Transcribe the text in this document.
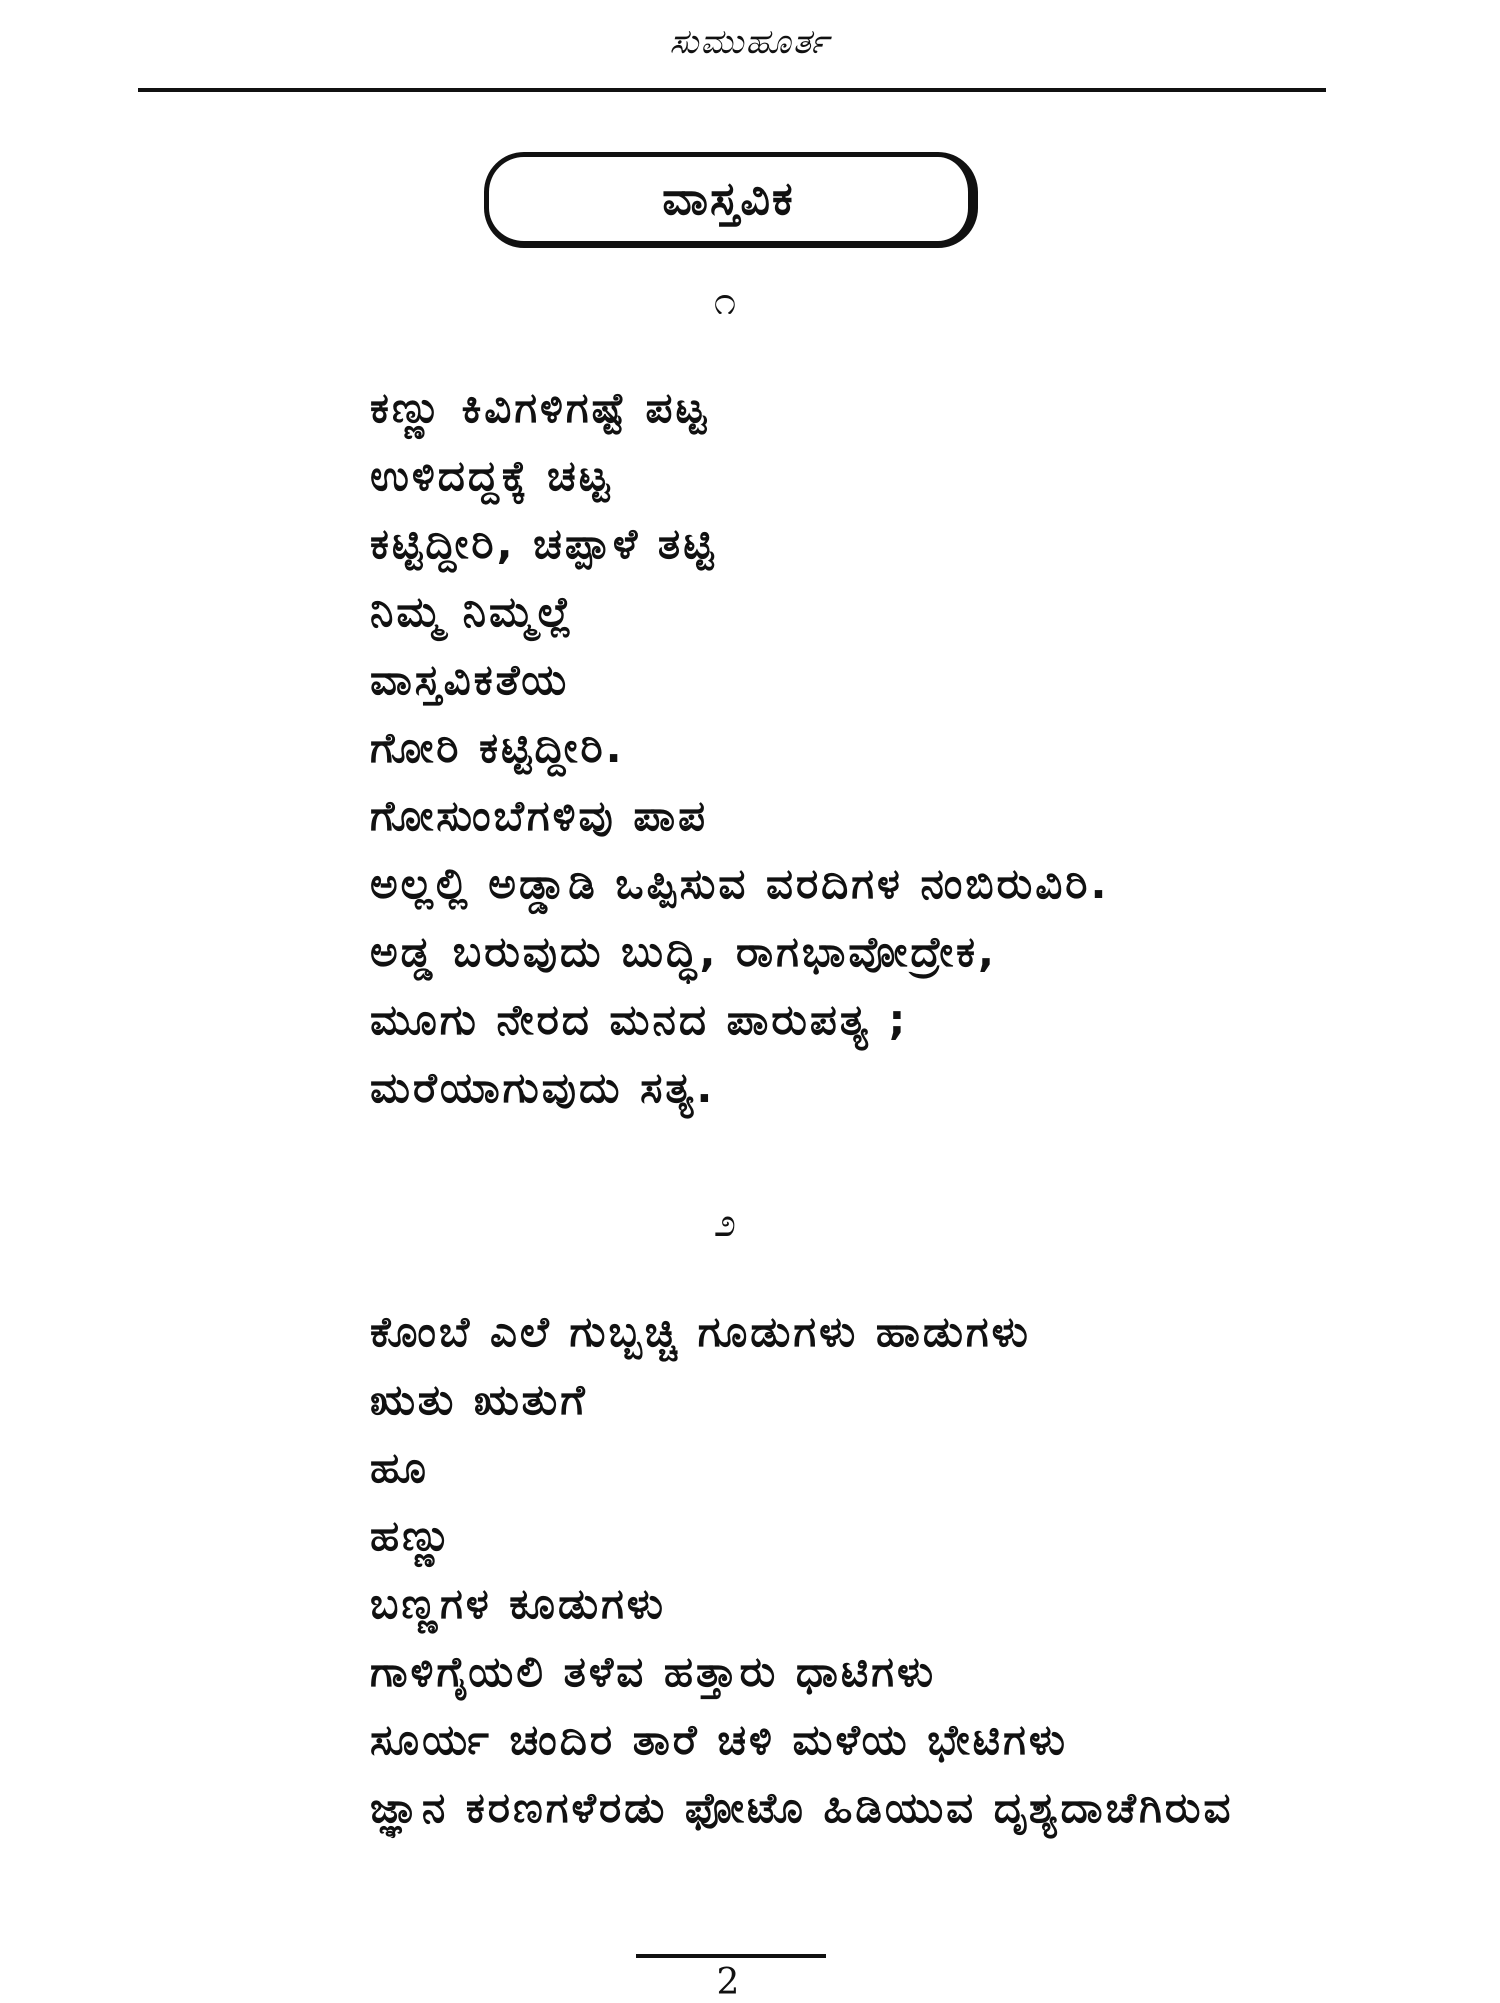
ಸುಮುಹೂರ್ತ
ವಾಸ್ತವಿಕ
೧
ಕಣ್ಣು ಕಿವಿಗಳಿಗಷ್ಟೆ ಪಟ್ಟ
ಉಳಿದದ್ದಕ್ಕೆ ಚಟ್ಟ
ಕಟ್ಟಿದ್ದೀರಿ, ಚಪ್ಪಾಳೆ ತಟ್ಟಿ
ನಿಮ್ಮ ನಿಮ್ಮಲ್ಲೆ
ವಾಸ್ತವಿಕತೆಯ
ಗೋರಿ ಕಟ್ಟಿದ್ದೀರಿ.
ಗೋಸುಂಬೆಗಳಿವು ಪಾಪ
ಅಲ್ಲಲ್ಲಿ ಅಡ್ಡಾಡಿ ಒಪ್ಪಿಸುವ ವರದಿಗಳ ನಂಬಿರುವಿರಿ.
ಅಡ್ಡ ಬರುವುದು ಬುದ್ಧಿ, ರಾಗಭಾವೋದ್ರೇಕ,
ಮೂಗು ನೇರದ ಮನದ ಪಾರುಪತ್ಯ ;
ಮರೆಯಾಗುವುದು ಸತ್ಯ.
೨
ಕೊಂಬೆ ಎಲೆ ಗುಬ್ಬಚ್ಚಿ ಗೂಡುಗಳು ಹಾಡುಗಳು
ಋತು ಋತುಗೆ
ಹೂ
ಹಣ್ಣು
ಬಣ್ಣಗಳ ಕೂಡುಗಳು
ಗಾಳಿಗೈಯಲಿ ತಳೆವ ಹತ್ತಾರು ಧಾಟಿಗಳು
ಸೂರ್ಯ ಚಂದಿರ ತಾರೆ ಚಳಿ ಮಳೆಯ ಭೇಟಿಗಳು
ಜ್ಞಾನ ಕರಣಗಳೆರಡು ಫೋಟೊ ಹಿಡಿಯುವ ದೃಶ್ಯದಾಚೆಗಿರುವ
2
